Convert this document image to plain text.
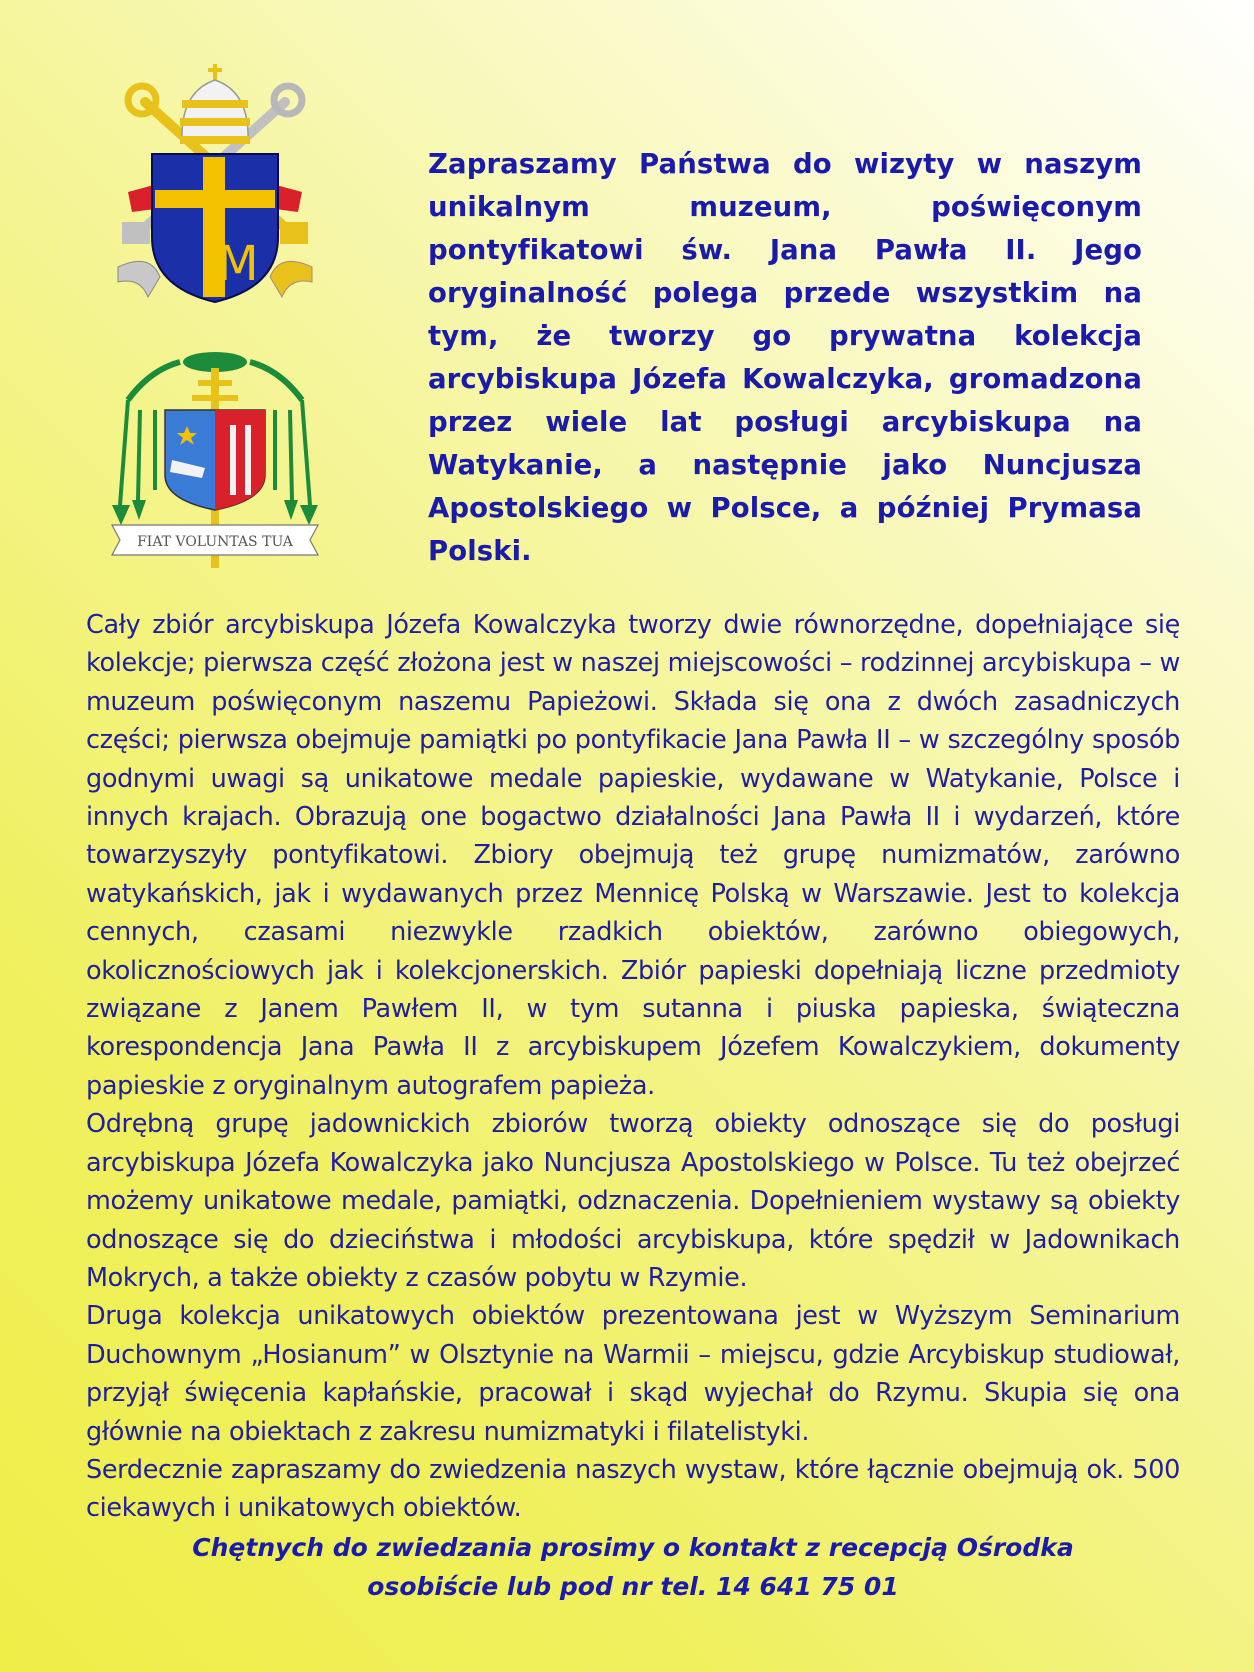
M
FIAT VOLUNTAS TUA
Zapraszamy Państwa do wizyty w naszym unikalnym muzeum, poświęconym pontyfikatowi św. Jana Pawła II. Jego oryginalność polega przede wszystkim na tym, że tworzy go prywatna kolekcja arcybiskupa Józefa Kowalczyka, gromadzona przez wiele lat posługi arcybiskupa na Watykanie, a następnie jako Nuncjusza Apostolskiego w Polsce, a później Prymasa Polski.

Cały zbiór arcybiskupa Józefa Kowalczyka tworzy dwie równorzędne, dopełniające się kolekcje; pierwsza część złożona jest w naszej miejscowości – rodzinnej arcybiskupa – w muzeum poświęconym naszemu Papieżowi. Składa się ona z dwóch zasadniczych części; pierwsza obejmuje pamiątki po pontyfikacie Jana Pawła II – w szczególny sposób godnymi uwagi są unikatowe medale papieskie, wydawane w Watykanie, Polsce i innych krajach. Obrazują one bogactwo działalności Jana Pawła II i wydarzeń, które towarzyszyły pontyfikatowi. Zbiory obejmują też grupę numizmatów, zarówno watykańskich, jak i wydawanych przez Mennicę Polską w Warszawie. Jest to kolekcja cennych, czasami niezwykle rzadkich obiektów, zarówno obiegowych, okolicznościowych jak i kolekcjonerskich. Zbiór papieski dopełniają liczne przedmioty związane z Janem Pawłem II, w tym sutanna i piuska papieska, świąteczna korespondencja Jana Pawła II z arcybiskupem Józefem Kowalczykiem, dokumenty papieskie z oryginalnym autografem papieża.

Odrębną grupę jadownickich zbiorów tworzą obiekty odnoszące się do posługi arcybiskupa Józefa Kowalczyka jako Nuncjusza Apostolskiego w Polsce. Tu też obejrzeć możemy unikatowe medale, pamiątki, odznaczenia. Dopełnieniem wystawy są obiekty odnoszące się do dzieciństwa i młodości arcybiskupa, które spędził w Jadownikach Mokrych, a także obiekty z czasów pobytu w Rzymie.

Druga kolekcja unikatowych obiektów prezentowana jest w Wyższym Seminarium Duchownym „Hosianum” w Olsztynie na Warmii – miejscu, gdzie Arcybiskup studiował, przyjął święcenia kapłańskie, pracował i skąd wyjechał do Rzymu. Skupia się ona głównie na obiektach z zakresu numizmatyki i filatelistyki.

Serdecznie zapraszamy do zwiedzenia naszych wystaw, które łącznie obejmują ok. 500 ciekawych i unikatowych obiektów.

Chętnych do zwiedzania prosimy o kontakt z recepcją Ośrodka
osobiście lub pod nr tel. 14 641 75 01
